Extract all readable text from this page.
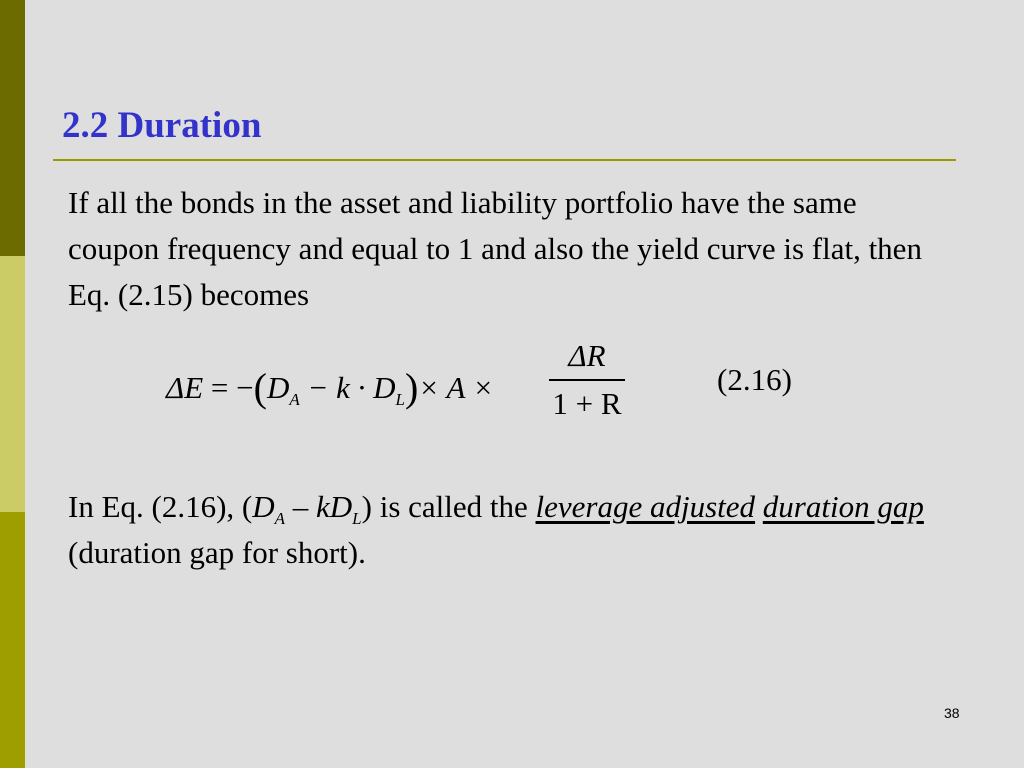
2.2 Duration

If all the bonds in the asset and liability portfolio have the same coupon frequency and equal to 1 and also the yield curve is flat, then Eq. (2.15) becomes

$\Delta E = -(D_A - k \cdot D_L)\times A$ ×
ΔR
1 + R
(2.16)

In Eq. (2.16), $(D_A - kD_L)$ is called the leverage adjusted duration gap (duration gap for short).

38
